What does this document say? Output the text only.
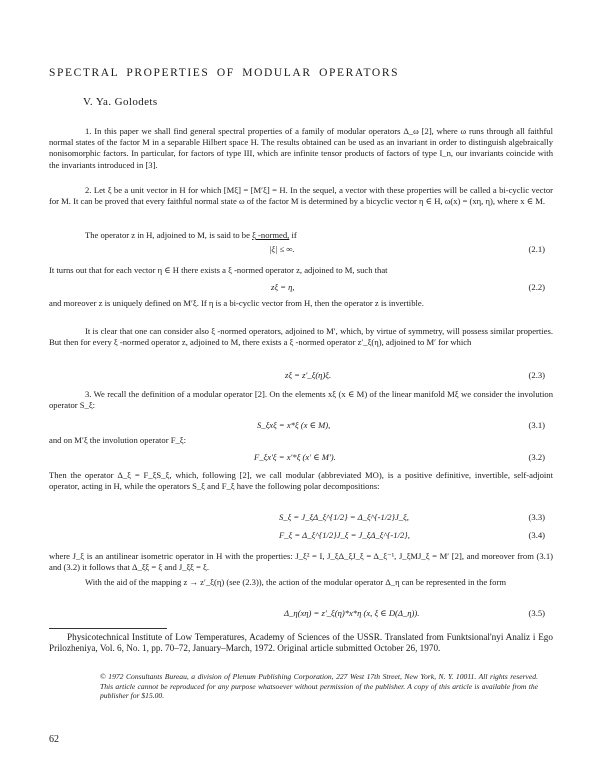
SPECTRAL PROPERTIES OF MODULAR OPERATORS
V. Ya. Golodets

1. In this paper we shall find general spectral properties of a family of modular operators Δ_ω [2], where ω runs through all faithful normal states of the factor M in a separable Hilbert space H. The results obtained can be used as an invariant in order to distinguish algebraically nonisomorphic factors. In particular, for factors of type III, which are infinite tensor products of factors of type I_n, our invariants coincide with the invariants introduced in [3].

2. Let ξ be a unit vector in H for which [Mξ] = [M′ξ] = H. In the sequel, a vector with these properties will be called a bi-cyclic vector for M. It can be proved that every faithful normal state ω of the factor M is determined by a bicyclic vector η ∈ H, ω(x) = (xη, η), where x ∈ M.

The operator z in H, adjoined to M, is said to be ξ -normed, if

|ξ| ≤ ∞.	(2.1)

It turns out that for each vector η ∈ H there exists a ξ -normed operator z, adjoined to M, such that

zξ = η,	(2.2)

and moreover z is uniquely defined on M′ξ. If η is a bi-cyclic vector from H, then the operator z is invertible.

It is clear that one can consider also ξ -normed operators, adjoined to M′, which, by virtue of symmetry, will possess similar properties. But then for every ξ -normed operator z, adjoined to M, there exists a ξ -normed operator z′_ξ(η), adjoined to M′ for which

zξ = z′_ξ(η)ξ.	(2.3)

3. We recall the definition of a modular operator [2]. On the elements xξ (x ∈ M) of the linear manifold Mξ we consider the involution operator S_ξ:

S_ξxξ = x*ξ (x ∈ M),	(3.1)

and on M′ξ the involution operator F_ξ:

F_ξx′ξ = x′*ξ (x′ ∈ M′).	(3.2)

Then the operator Δ_ξ = F_ξS_ξ, which, following [2], we call modular (abbreviated MO), is a positive definitive, invertible, self-adjoint operator, acting in H, while the operators S_ξ and F_ξ have the following polar decompositions:

S_ξ = J_ξΔ_ξ^{1/2} = Δ_ξ^{-1/2}J_ξ,	(3.3)
F_ξ = Δ_ξ^{1/2}J_ξ = J_ξΔ_ξ^{-1/2},	(3.4)

where J_ξ is an antilinear isometric operator in H with the properties: J_ξ² = I, J_ξΔ_ξJ_ξ = Δ_ξ⁻¹, J_ξMJ_ξ = M′ [2], and moreover from (3.1) and (3.2) it follows that Δ_ξξ = ξ and J_ξξ = ξ.

With the aid of the mapping z → z′_ξ(η) (see (2.3)), the action of the modular operator Δ_η can be represented in the form

Δ_η(xη) = z′_ξ(η)*x*η (x, ξ ∈ D(Δ_η)).	(3.5)

Physicotechnical Institute of Low Temperatures, Academy of Sciences of the USSR. Translated from Funktsional'nyi Analiz i Ego Prilozheniya, Vol. 6, No. 1, pp. 70–72, January–March, 1972. Original article submitted October 26, 1970.

© 1972 Consultants Bureau, a division of Plenum Publishing Corporation, 227 West 17th Street, New York, N. Y. 10011. All rights reserved. This article cannot be reproduced for any purpose whatsoever without permission of the publisher. A copy of this article is available from the publisher for $15.00.

62
